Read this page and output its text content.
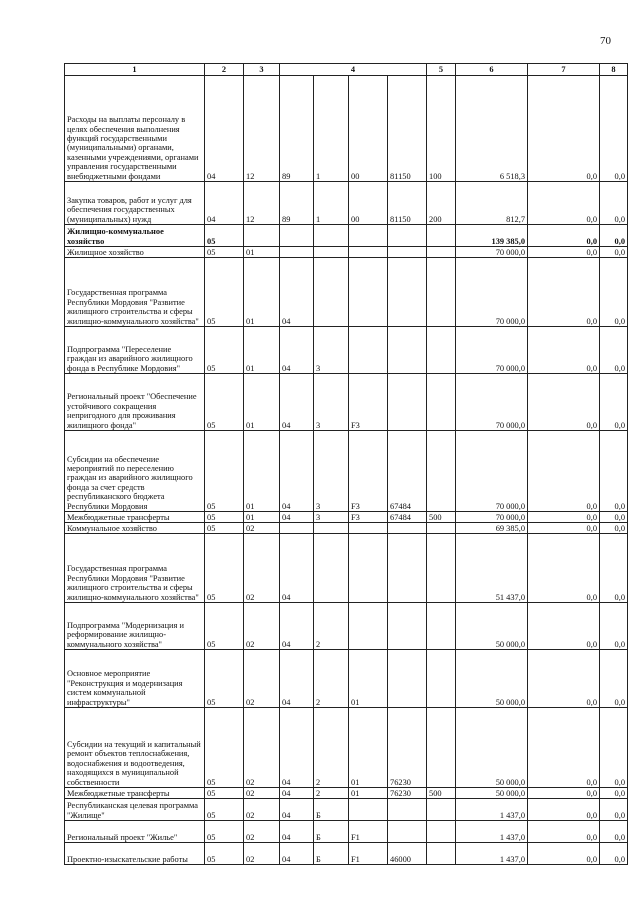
70
1	2	3	4				5	6	7	8
Расходы на выплаты персоналу в целях обеспечения выполнения функций государственными (муниципальными) органами, казенными учреждениями, органами управления государственными внебюджетными фондами	04	12	89	1	00	81150	100	6 518,3	0,0	0,0
Закупка товаров, работ и услуг для обеспечения государственных (муниципальных) нужд	04	12	89	1	00	81150	200	812,7	0,0	0,0
Жилищно-коммунальное хозяйство	05							139 385,0	0,0	0,0
Жилищное хозяйство	05	01						70 000,0	0,0	0,0
Государственная программа Республики Мордовия "Развитие жилищного строительства и сферы жилищно-коммунального хозяйства"	05	01	04					70 000,0	0,0	0,0
Подпрограмма "Переселение граждан из аварийного жилищного фонда в Республике Мордовия"	05	01	04	3				70 000,0	0,0	0,0
Региональный проект "Обеспечение устойчивого сокращения непригодного для проживания жилищного фонда"	05	01	04	3	F3			70 000,0	0,0	0,0
Субсидии на обеспечение мероприятий по переселению граждан из аварийного жилищного фонда за счет средств республиканского бюджета Республики Мордовия	05	01	04	3	F3	67484		70 000,0	0,0	0,0
Межбюджетные трансферты	05	01	04	3	F3	67484	500	70 000,0	0,0	0,0
Коммунальное хозяйство	05	02						69 385,0	0,0	0,0
Государственная программа Республики Мордовия "Развитие жилищного строительства и сферы жилищно-коммунального хозяйства"	05	02	04					51 437,0	0,0	0,0
Подпрограмма "Модернизация и реформирование жилищно-коммунального хозяйства"	05	02	04	2				50 000,0	0,0	0,0
Основное мероприятие "Реконструкция и модернизация систем коммунальной инфраструктуры"	05	02	04	2	01			50 000,0	0,0	0,0
Субсидии на текущий и капитальный ремонт объектов теплоснабжения, водоснабжения и водоотведения, находящихся в муниципальной собственности	05	02	04	2	01	76230		50 000,0	0,0	0,0
Межбюджетные трансферты	05	02	04	2	01	76230	500	50 000,0	0,0	0,0
Республиканская целевая программа "Жилище"	05	02	04	Б				1 437,0	0,0	0,0
Региональный проект "Жилье"	05	02	04	Б	F1			1 437,0	0,0	0,0
Проектно-изыскательские работы	05	02	04	Б	F1	46000		1 437,0	0,0	0,0
